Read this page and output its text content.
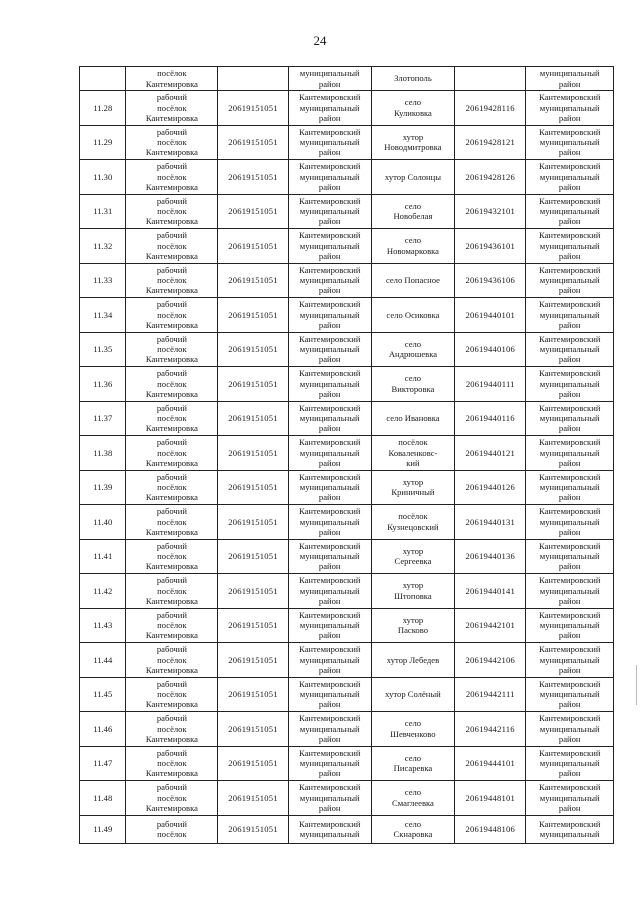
24
	посёлок
Кантемировка		муниципальный
район	Злотополь		муниципальный
район
11.28	рабочий
посёлок
Кантемировка	20619151051	Кантемировский
муниципальный
район	село
Куликовка	20619428116	Кантемировский
муниципальный
район
11.29	рабочий
посёлок
Кантемировка	20619151051	Кантемировский
муниципальный
район	хутор
Новодмитровка	20619428121	Кантемировский
муниципальный
район
11.30	рабочий
посёлок
Кантемировка	20619151051	Кантемировский
муниципальный
район	хутор Солонцы	20619428126	Кантемировский
муниципальный
район
11.31	рабочий
посёлок
Кантемировка	20619151051	Кантемировский
муниципальный
район	село
Новобелая	20619432101	Кантемировский
муниципальный
район
11.32	рабочий
посёлок
Кантемировка	20619151051	Кантемировский
муниципальный
район	село
Новомарковка	20619436101	Кантемировский
муниципальный
район
11.33	рабочий
посёлок
Кантемировка	20619151051	Кантемировский
муниципальный
район	село Попасное	20619436106	Кантемировский
муниципальный
район
11.34	рабочий
посёлок
Кантемировка	20619151051	Кантемировский
муниципальный
район	село Осиковка	20619440101	Кантемировский
муниципальный
район
11.35	рабочий
посёлок
Кантемировка	20619151051	Кантемировский
муниципальный
район	село
Андрюшевка	20619440106	Кантемировский
муниципальный
район
11.36	рабочий
посёлок
Кантемировка	20619151051	Кантемировский
муниципальный
район	село
Викторовка	20619440111	Кантемировский
муниципальный
район
11.37	рабочий
посёлок
Кантемировка	20619151051	Кантемировский
муниципальный
район	село Ивановка	20619440116	Кантемировский
муниципальный
район
11.38	рабочий
посёлок
Кантемировка	20619151051	Кантемировский
муниципальный
район	посёлок
Коваленковс-
кий	20619440121	Кантемировский
муниципальный
район
11.39	рабочий
посёлок
Кантемировка	20619151051	Кантемировский
муниципальный
район	хутор
Криничный	20619440126	Кантемировский
муниципальный
район
11.40	рабочий
посёлок
Кантемировка	20619151051	Кантемировский
муниципальный
район	посёлок
Кузнецовский	20619440131	Кантемировский
муниципальный
район
11.41	рабочий
посёлок
Кантемировка	20619151051	Кантемировский
муниципальный
район	хутор
Сергеевка	20619440136	Кантемировский
муниципальный
район
11.42	рабочий
посёлок
Кантемировка	20619151051	Кантемировский
муниципальный
район	хутор
Штоповка	20619440141	Кантемировский
муниципальный
район
11.43	рабочий
посёлок
Кантемировка	20619151051	Кантемировский
муниципальный
район	хутор
Пасково	20619442101	Кантемировский
муниципальный
район
11.44	рабочий
посёлок
Кантемировка	20619151051	Кантемировский
муниципальный
район	хутор Лебедев	20619442106	Кантемировский
муниципальный
район
11.45	рабочий
посёлок
Кантемировка	20619151051	Кантемировский
муниципальный
район	хутор Солёный	20619442111	Кантемировский
муниципальный
район
11.46	рабочий
посёлок
Кантемировка	20619151051	Кантемировский
муниципальный
район	село
Шевченково	20619442116	Кантемировский
муниципальный
район
11.47	рабочий
посёлок
Кантемировка	20619151051	Кантемировский
муниципальный
район	село
Писаревка	20619444101	Кантемировский
муниципальный
район
11.48	рабочий
посёлок
Кантемировка	20619151051	Кантемировский
муниципальный
район	село
Смаглеевка	20619448101	Кантемировский
муниципальный
район
11.49	рабочий
посёлок	20619151051	Кантемировский
муниципальный	село
Скнаровка	20619448106	Кантемировский
муниципальный
